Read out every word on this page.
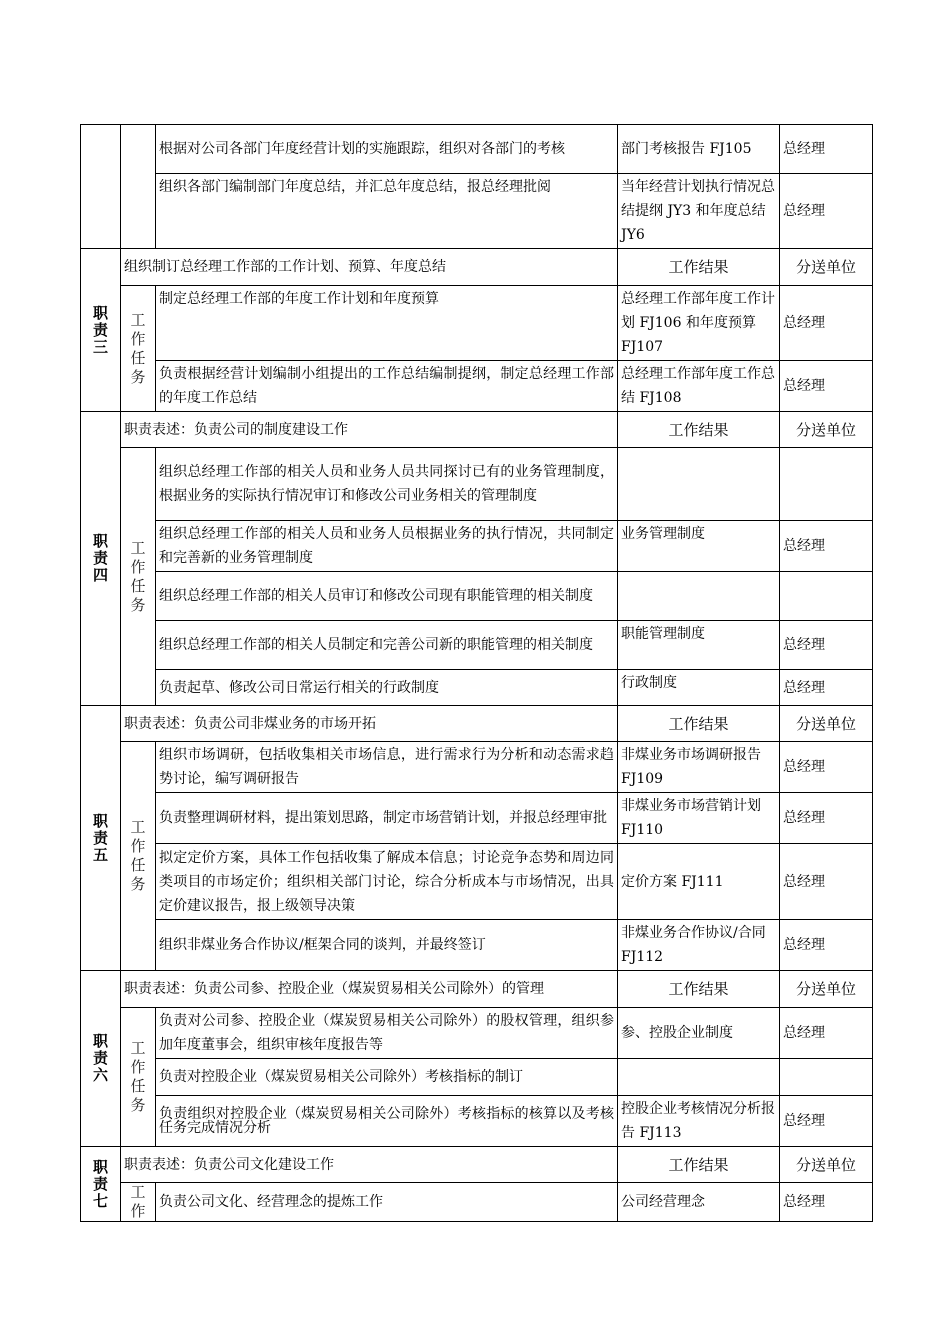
		根据对公司各部门年度经营计划的实施跟踪，组织对各部门的考核	部门考核报告 FJ105	总经理
		组织各部门编制部门年度总结，并汇总年度总结，报总经理批阅	当年经营计划执行情况总结提纲 JY3 和年度总结 JY6	总经理
职责三	组织制订总经理工作部的工作计划、预算、年度总结		工作结果	分送单位
	工作任务	制定总经理工作部的年度工作计划和年度预算	总经理工作部年度工作计划 FJ106 和年度预算 FJ107	总经理
		负责根据经营计划编制小组提出的工作总结编制提纲，制定总经理工作部的年度工作总结	总经理工作部年度工作总结 FJ108	总经理
职责四	职责表述：负责公司的制度建设工作		工作结果	分送单位
	工作任务	组织总经理工作部的相关人员和业务人员共同探讨已有的业务管理制度，根据业务的实际执行情况审订和修改公司业务相关的管理制度		
		组织总经理工作部的相关人员和业务人员根据业务的执行情况，共同制定和完善新的业务管理制度	业务管理制度	总经理
		组织总经理工作部的相关人员审订和修改公司现有职能管理的相关制度		
		组织总经理工作部的相关人员制定和完善公司新的职能管理的相关制度	职能管理制度	总经理
		负责起草、修改公司日常运行相关的行政制度	行政制度	总经理
职责五	职责表述：负责公司非煤业务的市场开拓		工作结果	分送单位
	工作任务	组织市场调研，包括收集相关市场信息，进行需求行为分析和动态需求趋势讨论，编写调研报告	非煤业务市场调研报告 FJ109	总经理
		负责整理调研材料，提出策划思路，制定市场营销计划，并报总经理审批	非煤业务市场营销计划 FJ110	总经理
		拟定定价方案，具体工作包括收集了解成本信息；讨论竞争态势和周边同类项目的市场定价；组织相关部门讨论，综合分析成本与市场情况，出具定价建议报告，报上级领导决策	定价方案 FJ111	总经理
		组织非煤业务合作协议/框架合同的谈判，并最终签订	非煤业务合作协议/合同 FJ112	总经理
职责六	职责表述：负责公司参、控股企业（煤炭贸易相关公司除外）的管理		工作结果	分送单位
	工作任务	负责对公司参、控股企业（煤炭贸易相关公司除外）的股权管理，组织参加年度董事会，组织审核年度报告等	参、控股企业制度	总经理
		负责对控股企业（煤炭贸易相关公司除外）考核指标的制订		
		负责组织对控股企业（煤炭贸易相关公司除外）考核指标的核算以及考核任务完成情况分析	控股企业考核情况分析报告 FJ113	总经理
职责七	职责表述：负责公司文化建设工作		工作结果	分送单位
	工作	负责公司文化、经营理念的提炼工作	公司经营理念	总经理
